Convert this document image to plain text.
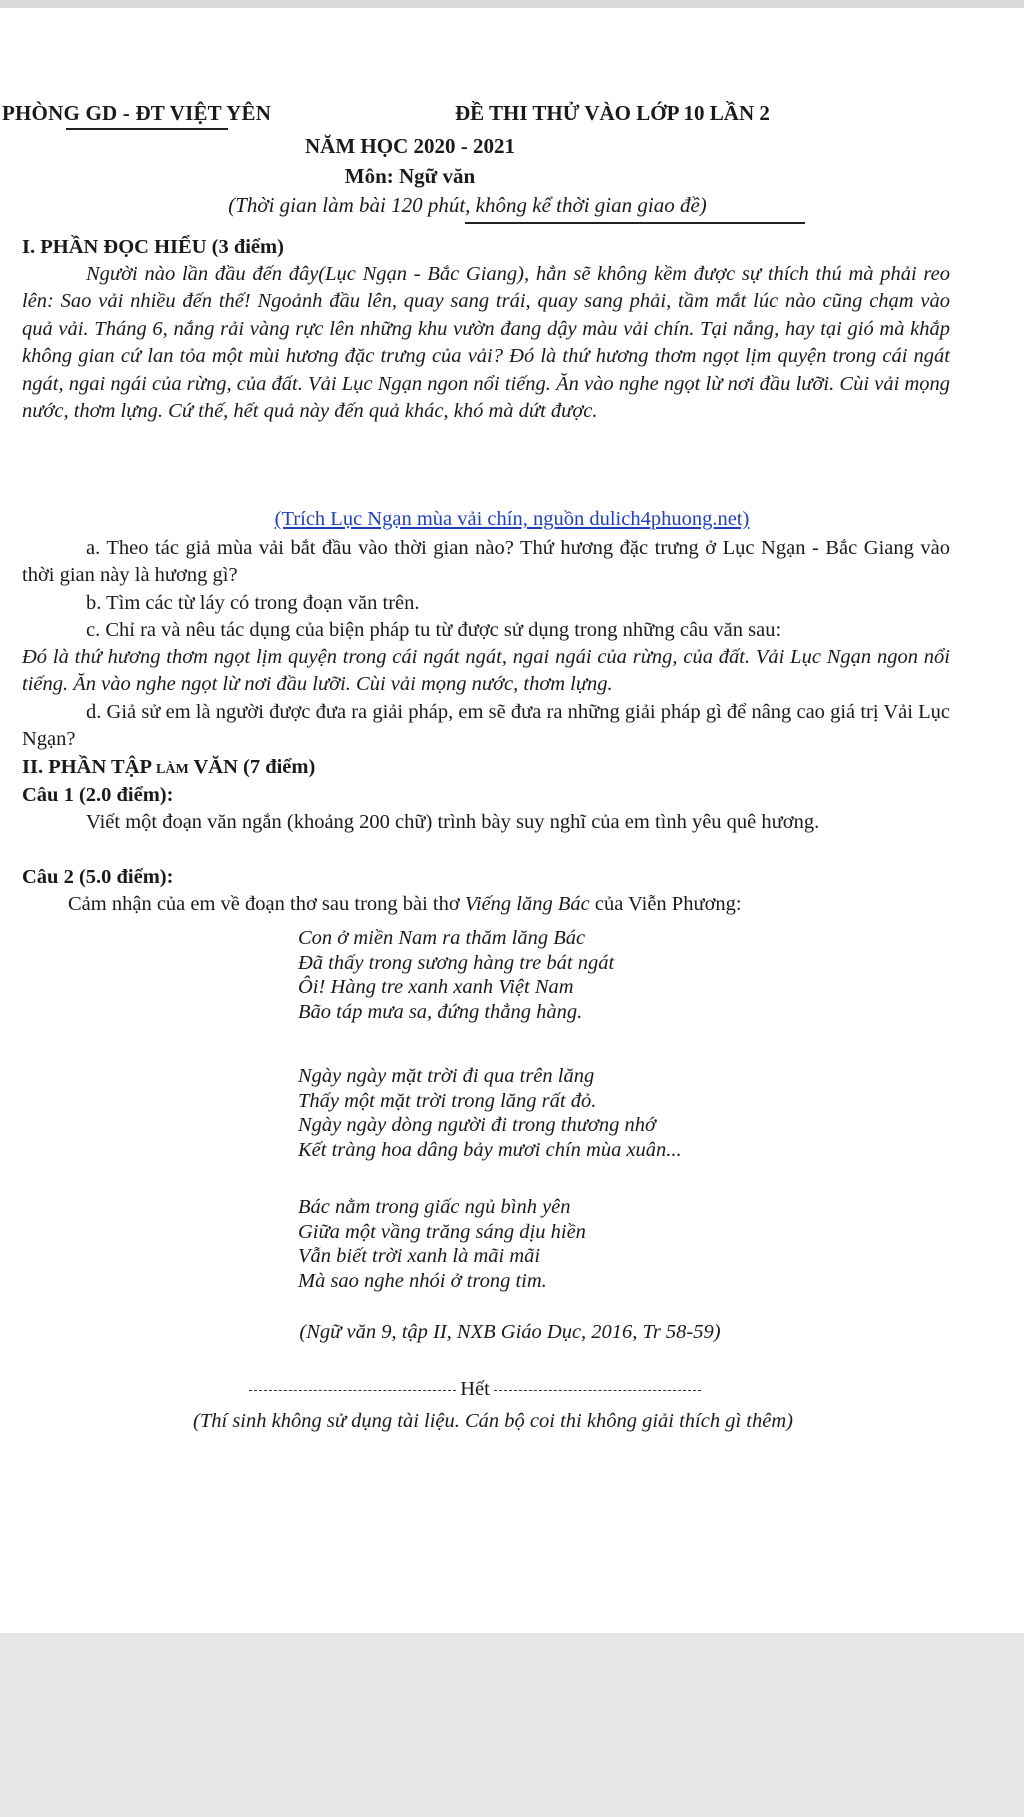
PHÒNG GD - ĐT VIỆT YÊN	ĐỀ THI THỬ VÀO LỚP 10 LẦN 2
NĂM HỌC 2020 - 2021
Môn: Ngữ văn
(Thời gian làm bài 120 phút, không kể thời gian giao đề)
I. PHẦN ĐỌC HIỂU (3 điểm)
Người nào lần đầu đến đây(Lục Ngạn - Bắc Giang), hẳn sẽ không kềm được sự thích thú mà phải reo lên: Sao vải nhiều đến thế! Ngoảnh đầu lên, quay sang trái, quay sang phải, tầm mắt lúc nào cũng chạm vào quả vải. Tháng 6, nắng rải vàng rực lên những khu vườn đang dậy màu vải chín. Tại nắng, hay tại gió mà khắp không gian cứ lan tỏa một mùi hương đặc trưng của vải? Đó là thứ hương thơm ngọt lịm quyện trong cái ngát ngát, ngai ngái của rừng, của đất. Vải Lục Ngạn ngon nổi tiếng. Ăn vào nghe ngọt lừ nơi đầu lưỡi. Cùi vải mọng nước, thơm lựng. Cứ thế, hết quả này đến quả khác, khó mà dứt được.
(Trích Lục Ngạn mùa vải chín, nguồn dulich4phuong.net)
a. Theo tác giả mùa vải bắt đầu vào thời gian nào? Thứ hương đặc trưng ở Lục Ngạn - Bắc Giang vào thời gian này là hương gì?
b. Tìm các từ láy có trong đoạn văn trên.
c. Chỉ ra và nêu tác dụng của biện pháp tu từ được sử dụng trong những câu văn sau:
Đó là thứ hương thơm ngọt lịm quyện trong cái ngát ngát, ngai ngái của rừng, của đất. Vải Lục Ngạn ngon nổi tiếng. Ăn vào nghe ngọt lừ nơi đầu lưỡi. Cùi vải mọng nước, thơm lựng.
d. Giả sử em là người được đưa ra giải pháp, em sẽ đưa ra những giải pháp gì để nâng cao giá trị Vải Lục Ngạn?
II. PHẦN TẬP làm VĂN (7 điểm)
Câu 1 (2.0 điểm):
Viết một đoạn văn ngắn (khoảng 200 chữ) trình bày suy nghĩ của em tình yêu quê hương.
Câu 2 (5.0 điểm):
Cảm nhận của em về đoạn thơ sau trong bài thơ Viếng lăng Bác của Viễn Phương:
Con ở miền Nam ra thăm lăng Bác
Đã thấy trong sương hàng tre bát ngát
Ôi! Hàng tre xanh xanh Việt Nam
Bão táp mưa sa, đứng thẳng hàng.
Ngày ngày mặt trời đi qua trên lăng
Thấy một mặt trời trong lăng rất đỏ.
Ngày ngày dòng người đi trong thương nhớ
Kết tràng hoa dâng bảy mươi chín mùa xuân...
Bác nằm trong giấc ngủ bình yên
Giữa một vầng trăng sáng dịu hiền
Vẫn biết trời xanh là mãi mãi
Mà sao nghe nhói ở trong tim.
(Ngữ văn 9, tập II, NXB Giáo Dục, 2016, Tr 58-59)
Hết
(Thí sinh không sử dụng tài liệu. Cán bộ coi thi không giải thích gì thêm)
